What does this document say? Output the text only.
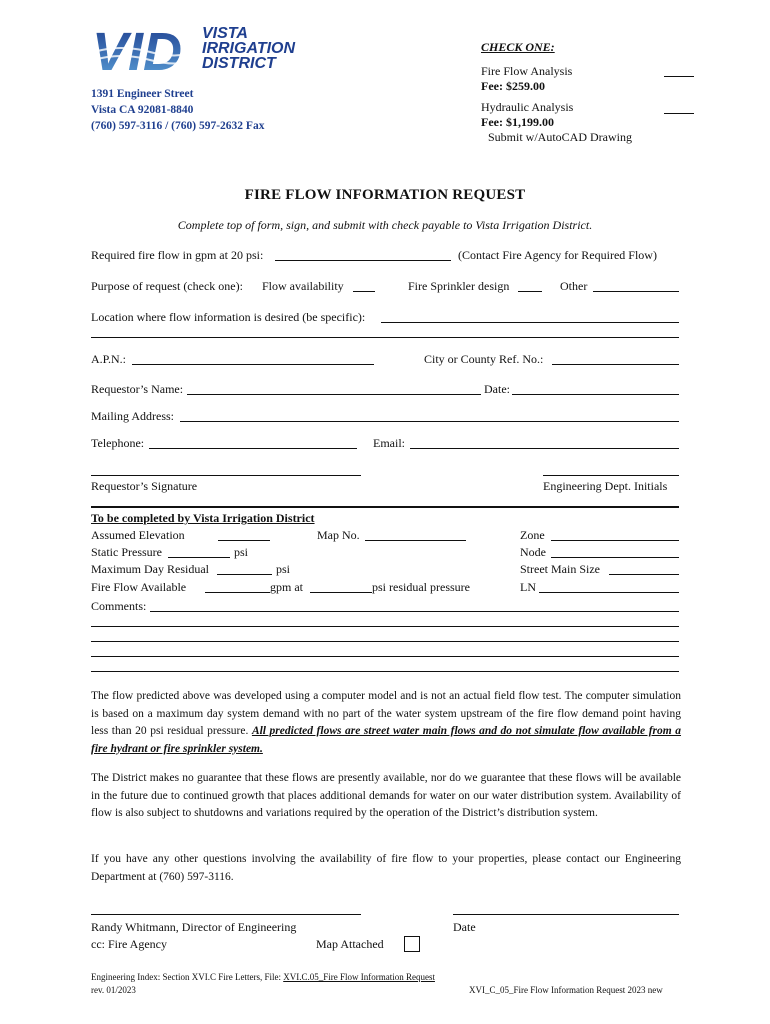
VID VISTA
IRRIGATION
DISTRICT
1391 Engineer Street
Vista CA 92081-8840
(760) 597-3116 / (760) 597-2632 Fax
CHECK ONE:
Fire Flow Analysis
Fee: $259.00
Hydraulic Analysis
Fee: $1,199.00
Submit w/AutoCAD Drawing
FIRE FLOW INFORMATION REQUEST
Complete top of form, sign, and submit with check payable to Vista Irrigation District.
Required fire flow in gpm at 20 psi:	(Contact Fire Agency for Required Flow)
Purpose of request (check one): Flow availability	Fire Sprinkler design	Other
Location where flow information is desired (be specific):
A.P.N.:	City or County Ref. No.:
Requestor’s Name:	Date:
Mailing Address:
Telephone:	Email:
Requestor’s Signature	Engineering Dept. Initials
To be completed by Vista Irrigation District
Assumed Elevation	Map No.	Zone
Static Pressure	psi	Node
Maximum Day Residual	psi	Street Main Size
Fire Flow Available	gpm at	psi residual pressure	LN
Comments:
The flow predicted above was developed using a computer model and is not an actual field flow test. The computer simulation is based on a maximum day system demand with no part of the water system upstream of the fire flow demand point having less than 20 psi residual pressure. All predicted flows are street water main flows and do not simulate flow available from a fire hydrant or fire sprinkler system.
The District makes no guarantee that these flows are presently available, nor do we guarantee that these flows will be available in the future due to continued growth that places additional demands for water on our water distribution system. Availability of flow is also subject to shutdowns and variations required by the operation of the District’s distribution system.
If you have any other questions involving the availability of fire flow to your properties, please contact our Engineering Department at (760) 597-3116.
Randy Whitmann, Director of Engineering	Date
cc: Fire Agency	Map Attached
Engineering Index: Section XVI.C Fire Letters, File: XVI.C.05_Fire Flow Information Request
rev. 01/2023	XVI_C_05_Fire Flow Information Request 2023 new
